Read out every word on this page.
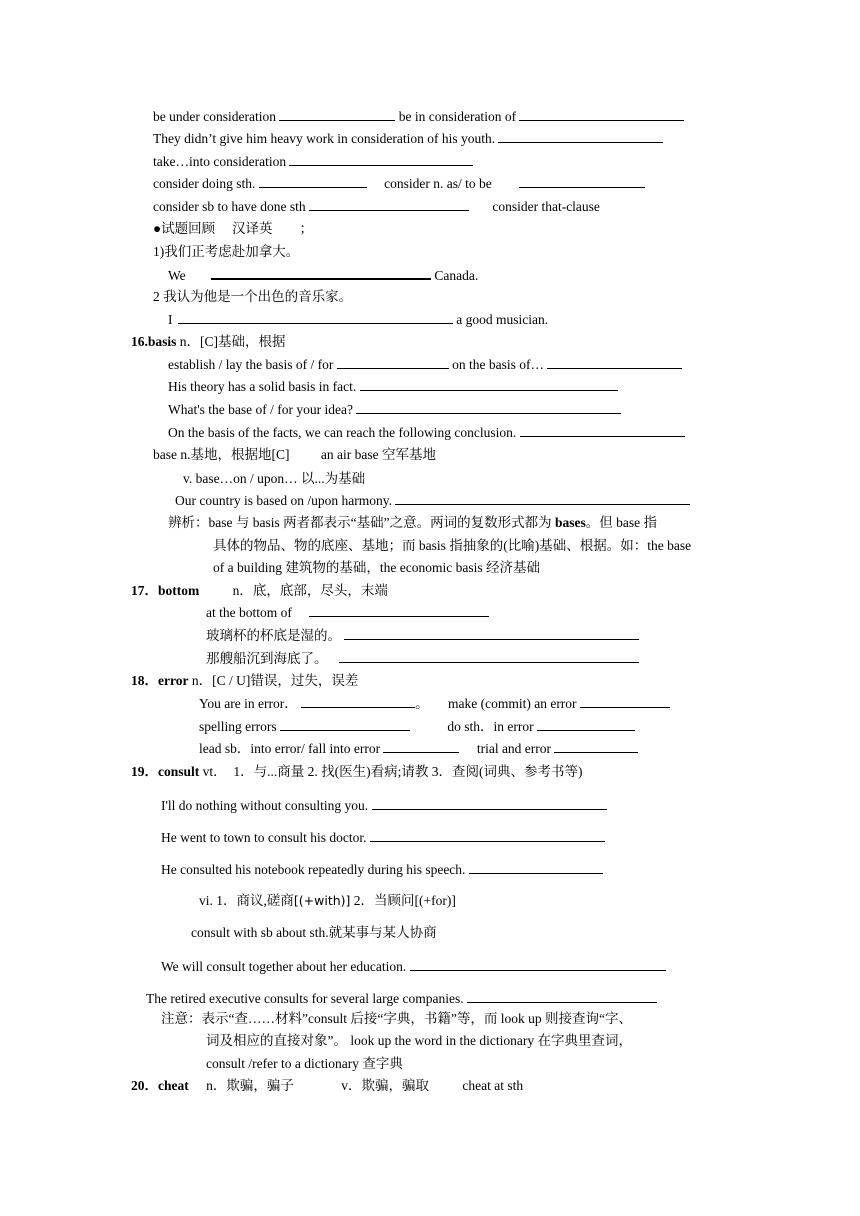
be under consideration	be in consideration of
They didn’t give him heavy work in consideration of his youth.
take…into consideration
consider doing sth.	consider n. as/ to be
consider sb to have done sth	consider that-clause
●试题回顾　 汉译英　　；
1)我们正考虑赴加拿大。
We	Canada.
2 我认为他是一个出色的音乐家。
I	a good musician.
16.basis n．[C]基础，根据
establish / lay the basis of / for	on the basis of…
His theory has a solid basis in fact.
What's the base of / for your idea?
On the basis of the facts, we can reach the following conclusion.
base n.基地，根据地[C] an air base 空军基地
v. base…on / upon… 以...为基础
Our country is based on /upon harmony.
辨析：base 与 basis 两者都表示“基础”之意。两词的复数形式都为 bases。但 base 指
具体的物品、物的底座、基地；而 basis 指抽象的(比喻)基础、根据。如：the base
of a building 建筑物的基础，the economic basis 经济基础
17．bottom n．底，底部，尽头，末端
at the bottom of
玻璃杯的杯底是湿的。
那艘船沉到海底了。
18．error n．[C / U]错误，过失，误差
You are in error．	。 make (commit) an error
spelling errors	do sth．in error
lead sb．into error/ fall into error	trial and error
19．consult vt．　1．与...商量 2. 找(医生)看病;请教 3．查阅(词典、参考书等)
I'll do nothing without consulting you.
He went to town to consult his doctor.
He consulted his notebook repeatedly during his speech.
vi. 1．商议,磋商[(+with)] 2．当顾问[(+for)]
consult with sb about sth.就某事与某人协商
We will consult together about her education.
The retired executive consults for several large companies.
注意：表示“查……材料”consult 后接“字典，书籍”等，而 look up 则接查询“字、
词及相应的直接对象”。 look up the word in the dictionary 在字典里查词，
consult /refer to a dictionary 查字典
20．cheat n．欺骗，骗子	v．欺骗，骗取 cheat at sth
